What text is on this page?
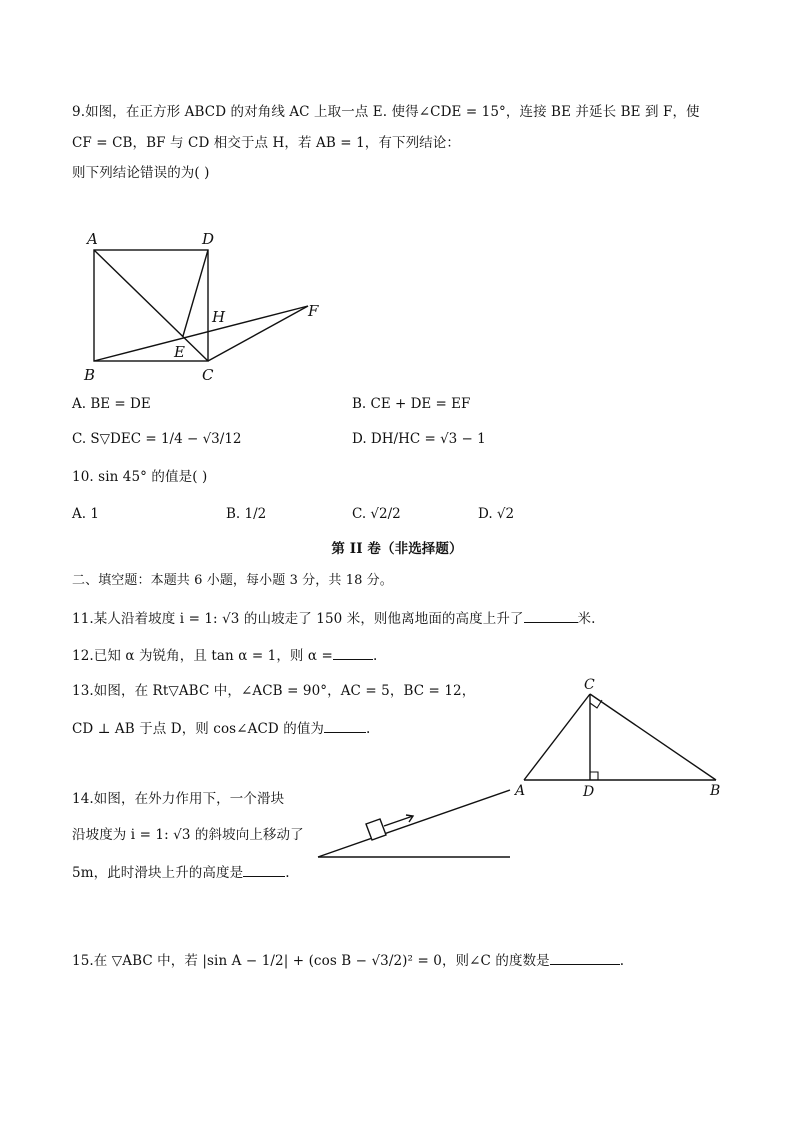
9.如图，在正方形 ABCD 的对角线 AC 上取一点 E. 使得∠CDE = 15°，连接 BE 并延长 BE 到 F，使
CF = CB，BF 与 CD 相交于点 H，若 AB = 1，有下列结论：
则下列结论错误的为( )
A	D
B	C
E
H	F
A. BE = DE	B. CE + DE = EF
C. S▽DEC = 1/4 − √3/12	D. DH/HC = √3 − 1
10. sin 45° 的值是( )
A. 1	B. 1/2	C. √2/2	D. √2
第 II 卷（非选择题）
二、填空题：本题共 6 小题，每小题 3 分，共 18 分。
11.某人沿着坡度 i = 1: √3 的山坡走了 150 米，则他离地面的高度上升了	米.
12.已知 α 为锐角，且 tan α = 1，则 α =	.
13.如图，在 Rt▽ABC 中，∠ACB = 90°，AC = 5，BC = 12，
CD ⊥ AB 于点 D，则 cos∠ACD 的值为	.
C
A	D	B
14.如图，在外力作用下，一个滑块
沿坡度为 i = 1: √3 的斜坡向上移动了
5m，此时滑块上升的高度是	.
15.在 ▽ABC 中，若 |sin A − 1/2| + (cos B − √3/2)² = 0，则∠C 的度数是	.
